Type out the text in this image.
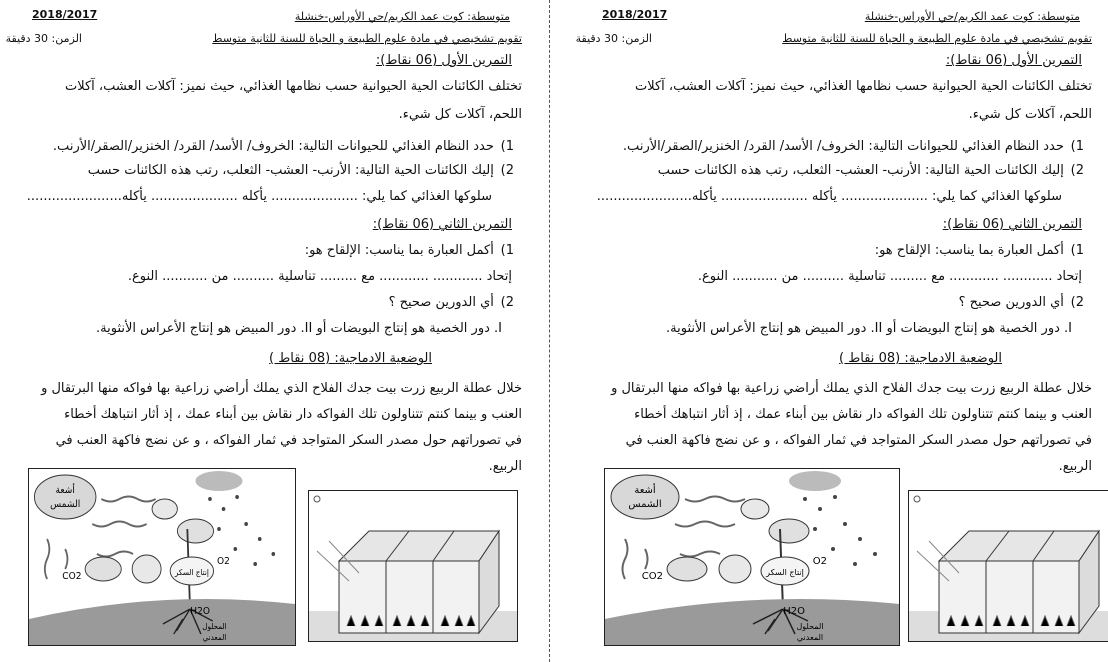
متوسطة: كوت عمد الكريم/حي الأوراس-خنشلة
2018/2017
تقويم تشخيصي في مادة علوم الطبيعة و الحياة للسنة للثانية متوسط
الزمن: 30 دقيقة
التمرين الأول (06 نقاط):
تختلف الكائنات الحية الحيوانية حسب نظامها الغذائي، حيث نميز: آكلات العشب، آكلات
اللحم، آكلات كل شيء.
1) حدد النظام الغذائي للحيوانات التالية: الخروف/ الأسد/ القرد/ الخنزير/الصقر/الأرنب.
2) إليك الكائنات الحية التالية: الأرنب- العشب- الثعلب، رتب هذه الكائنات حسب
سلوكها الغذائي كما يلي: ..................... يأكله ..................... يأكله.......................
التمرين الثاني (06 نقاط):
1) أكمل العبارة بما يناسب: الإلقاح هو:
إتحاد ............ ............ مع ......... تناسلية .......... من ........... النوع.
2) أي الدورين صحيح ؟
I. دور الخصية هو إنتاج البويضات أو II. دور المبيض هو إنتاج الأعراس الأنثوية.
الوضعية الادماجية: (08 نقاط )
خلال عطلة الربيع زرت بيت جدك الفلاح الذي يملك أراضي زراعية بها فواكه منها البرتقال و
العنب و بينما كنتم تتناولون تلك الفواكه دار نقاش بين أبناء عمك ، إذ أثار انتباهك أخطاء
في تصوراتهم حول مصدر السكر المتواجد في ثمار الفواكه ، و عن نضج فاكهة العنب في
الربيع.
أشعة
الشمس
إنتاج السكر
CO2
O2
H2O
المحلول
المعدني
متوسطة: كوت عمد الكريم/حي الأوراس-خنشلة
2018/2017
تقويم تشخيصي في مادة علوم الطبيعة و الحياة للسنة للثانية متوسط
الزمن: 30 دقيقة
التمرين الأول (06 نقاط):
تختلف الكائنات الحية الحيوانية حسب نظامها الغذائي، حيث نميز: آكلات العشب، آكلات
اللحم، آكلات كل شيء.
1) حدد النظام الغذائي للحيوانات التالية: الخروف/ الأسد/ القرد/ الخنزير/الصقر/الأرنب.
2) إليك الكائنات الحية التالية: الأرنب- العشب- الثعلب، رتب هذه الكائنات حسب
سلوكها الغذائي كما يلي: ..................... يأكله ..................... يأكله.......................
التمرين الثاني (06 نقاط):
1) أكمل العبارة بما يناسب: الإلقاح هو:
إتحاد ............ ............ مع ......... تناسلية .......... من ........... النوع.
2) أي الدورين صحيح ؟
I. دور الخصية هو إنتاج البويضات أو II. دور المبيض هو إنتاج الأعراس الأنثوية.
الوضعية الادماجية: (08 نقاط )
خلال عطلة الربيع زرت بيت جدك الفلاح الذي يملك أراضي زراعية بها فواكه منها البرتقال و
العنب و بينما كنتم تتناولون تلك الفواكه دار نقاش بين أبناء عمك ، إذ أثار انتباهك أخطاء
في تصوراتهم حول مصدر السكر المتواجد في ثمار الفواكه ، و عن نضج فاكهة العنب في
الربيع.
أشعة
الشمس
إنتاج السكر
CO2
O2
H2O
المحلول
المعدني
